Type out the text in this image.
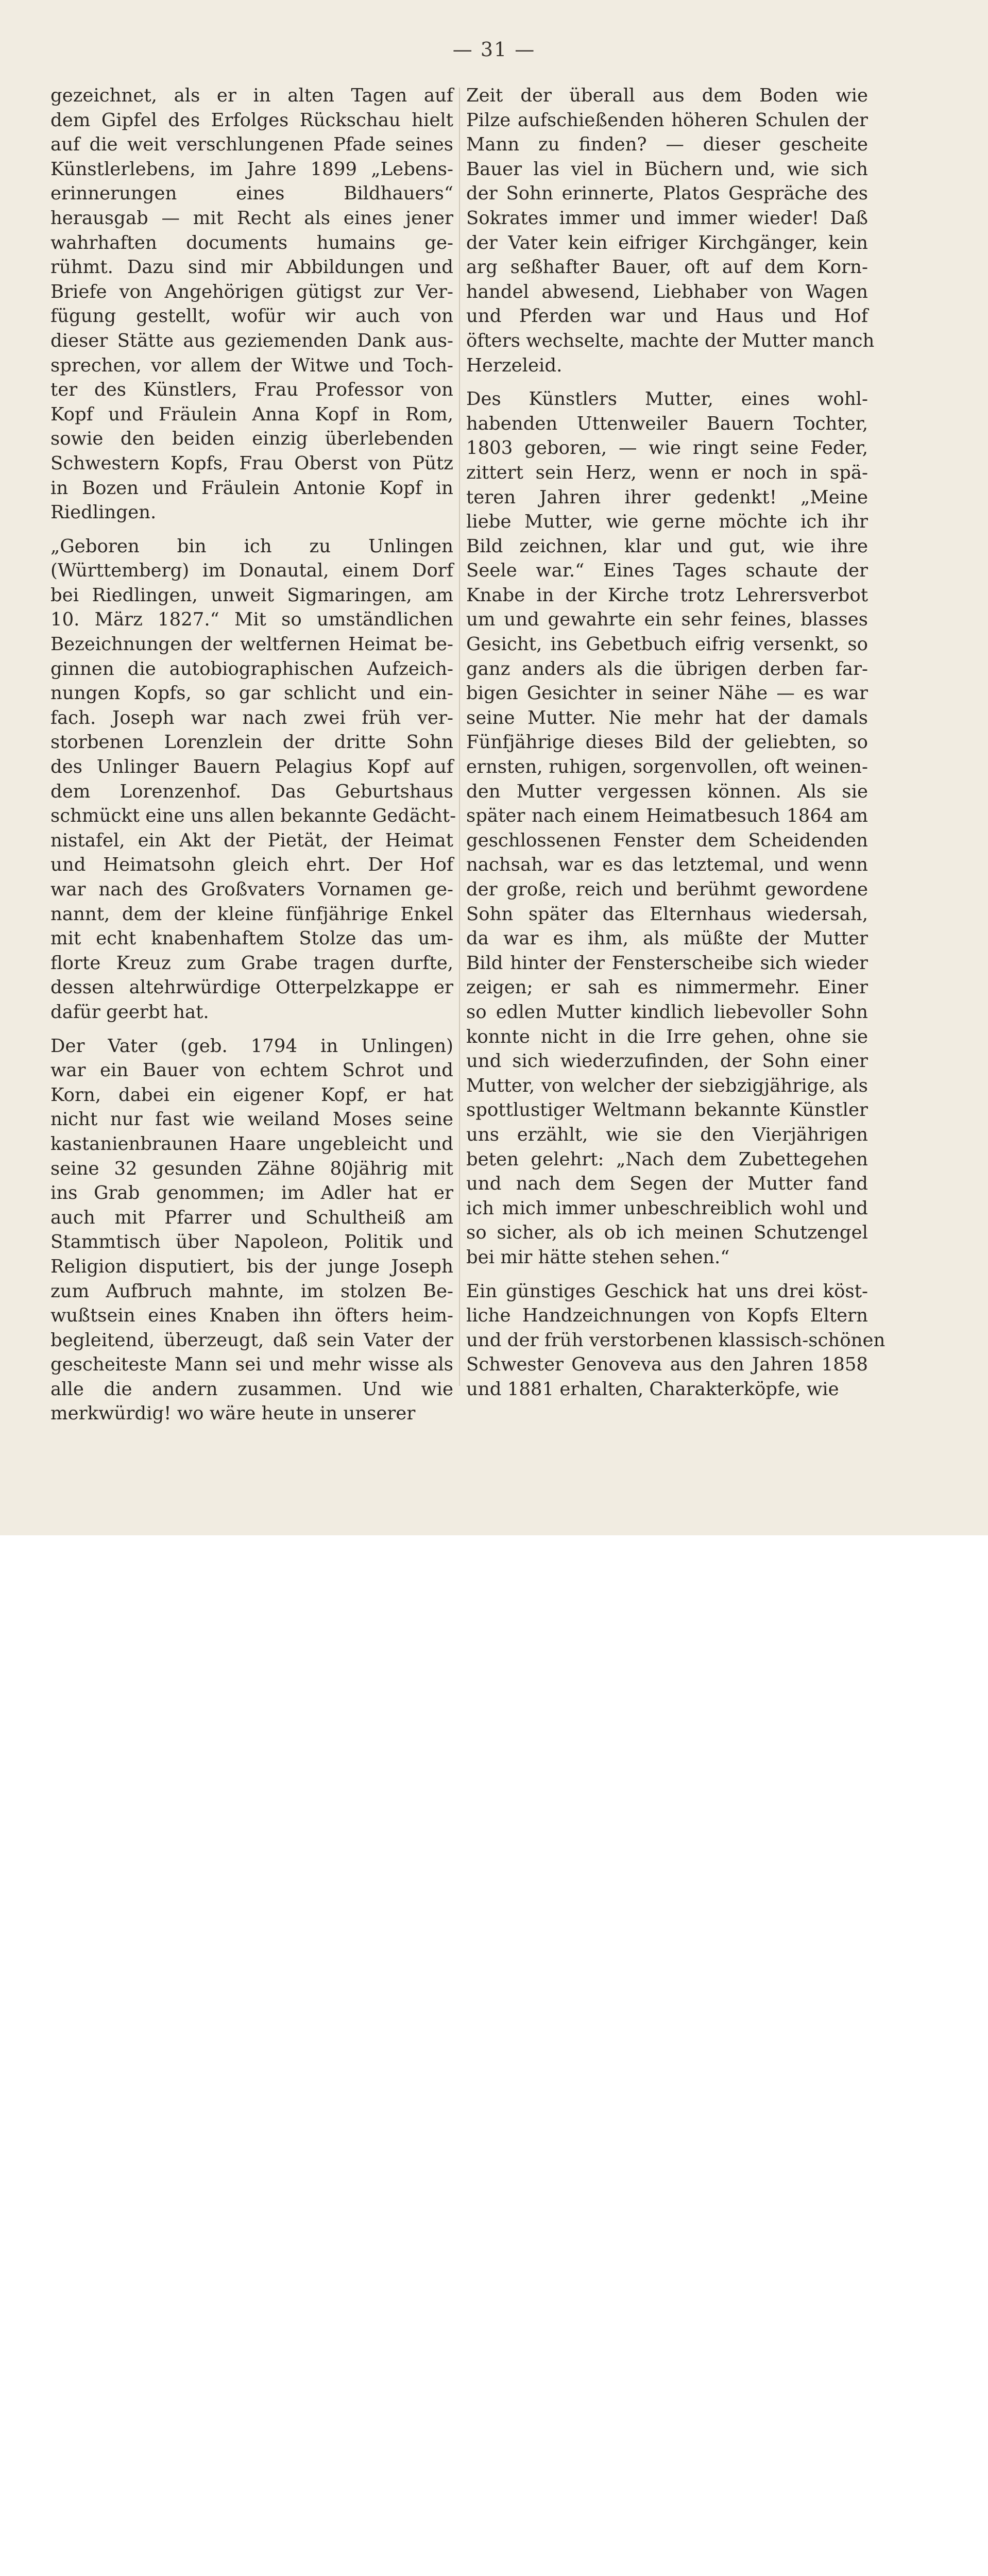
— 31 —
gezeichnet, als er in alten Tagen auf
dem Gipfel des Erfolges Rückschau hielt
auf die weit verschlungenen Pfade seines
Künstlerlebens, im Jahre 1899 „Lebens-
erinnerungen eines Bildhauers“
herausgab — mit Recht als eines jener
wahrhaften documents humains ge-
rühmt. Dazu sind mir Abbildungen und
Briefe von Angehörigen gütigst zur Ver-
fügung gestellt, wofür wir auch von
dieser Stätte aus geziemenden Dank aus-
sprechen, vor allem der Witwe und Toch-
ter des Künstlers, Frau Professor von
Kopf und Fräulein Anna Kopf in Rom,
sowie den beiden einzig überlebenden
Schwestern Kopfs, Frau Oberst von Pütz
in Bozen und Fräulein Antonie Kopf in
Riedlingen.
„Geboren bin ich zu Unlingen
(Württemberg) im Donautal, einem Dorf
bei Riedlingen, unweit Sigmaringen, am
10. März 1827.“ Mit so umständlichen
Bezeichnungen der weltfernen Heimat be-
ginnen die autobiographischen Aufzeich-
nungen Kopfs, so gar schlicht und ein-
fach. Joseph war nach zwei früh ver-
storbenen Lorenzlein der dritte Sohn
des Unlinger Bauern Pelagius Kopf auf
dem Lorenzenhof. Das Geburtshaus
schmückt eine uns allen bekannte Gedächt-
nistafel, ein Akt der Pietät, der Heimat
und Heimatsohn gleich ehrt. Der Hof
war nach des Großvaters Vornamen ge-
nannt, dem der kleine fünfjährige Enkel
mit echt knabenhaftem Stolze das um-
florte Kreuz zum Grabe tragen durfte,
dessen altehrwürdige Otterpelzkappe er
dafür geerbt hat.
Der Vater (geb. 1794 in Unlingen)
war ein Bauer von echtem Schrot und
Korn, dabei ein eigener Kopf, er hat
nicht nur fast wie weiland Moses seine
kastanienbraunen Haare ungebleicht und
seine 32 gesunden Zähne 80jährig mit
ins Grab genommen; im Adler hat er
auch mit Pfarrer und Schultheiß am
Stammtisch über Napoleon, Politik und
Religion disputiert, bis der junge Joseph
zum Aufbruch mahnte, im stolzen Be-
wußtsein eines Knaben ihn öfters heim-
begleitend, überzeugt, daß sein Vater der
gescheiteste Mann sei und mehr wisse als
alle die andern zusammen. Und wie
merkwürdig! wo wäre heute in unserer
Zeit der überall aus dem Boden wie
Pilze aufschießenden höheren Schulen der
Mann zu finden? — dieser gescheite
Bauer las viel in Büchern und, wie sich
der Sohn erinnerte, Platos Gespräche des
Sokrates immer und immer wieder! Daß
der Vater kein eifriger Kirchgänger, kein
arg seßhafter Bauer, oft auf dem Korn-
handel abwesend, Liebhaber von Wagen
und Pferden war und Haus und Hof
öfters wechselte, machte der Mutter manch
Herzeleid.
Des Künstlers Mutter, eines wohl-
habenden Uttenweiler Bauern Tochter,
1803 geboren, — wie ringt seine Feder,
zittert sein Herz, wenn er noch in spä-
teren Jahren ihrer gedenkt! „Meine
liebe Mutter, wie gerne möchte ich ihr
Bild zeichnen, klar und gut, wie ihre
Seele war.“ Eines Tages schaute der
Knabe in der Kirche trotz Lehrersverbot
um und gewahrte ein sehr feines, blasses
Gesicht, ins Gebetbuch eifrig versenkt, so
ganz anders als die übrigen derben far-
bigen Gesichter in seiner Nähe — es war
seine Mutter. Nie mehr hat der damals
Fünfjährige dieses Bild der geliebten, so
ernsten, ruhigen, sorgenvollen, oft weinen-
den Mutter vergessen können. Als sie
später nach einem Heimatbesuch 1864 am
geschlossenen Fenster dem Scheidenden
nachsah, war es das letztemal, und wenn
der große, reich und berühmt gewordene
Sohn später das Elternhaus wiedersah,
da war es ihm, als müßte der Mutter
Bild hinter der Fensterscheibe sich wieder
zeigen; er sah es nimmermehr. Einer
so edlen Mutter kindlich liebevoller Sohn
konnte nicht in die Irre gehen, ohne sie
und sich wiederzufinden, der Sohn einer
Mutter, von welcher der siebzigjährige, als
spottlustiger Weltmann bekannte Künstler
uns erzählt, wie sie den Vierjährigen
beten gelehrt: „Nach dem Zubettegehen
und nach dem Segen der Mutter fand
ich mich immer unbeschreiblich wohl und
so sicher, als ob ich meinen Schutzengel
bei mir hätte stehen sehen.“
Ein günstiges Geschick hat uns drei köst-
liche Handzeichnungen von Kopfs Eltern
und der früh verstorbenen klassisch-schönen
Schwester Genoveva aus den Jahren 1858
und 1881 erhalten, Charakterköpfe, wie
